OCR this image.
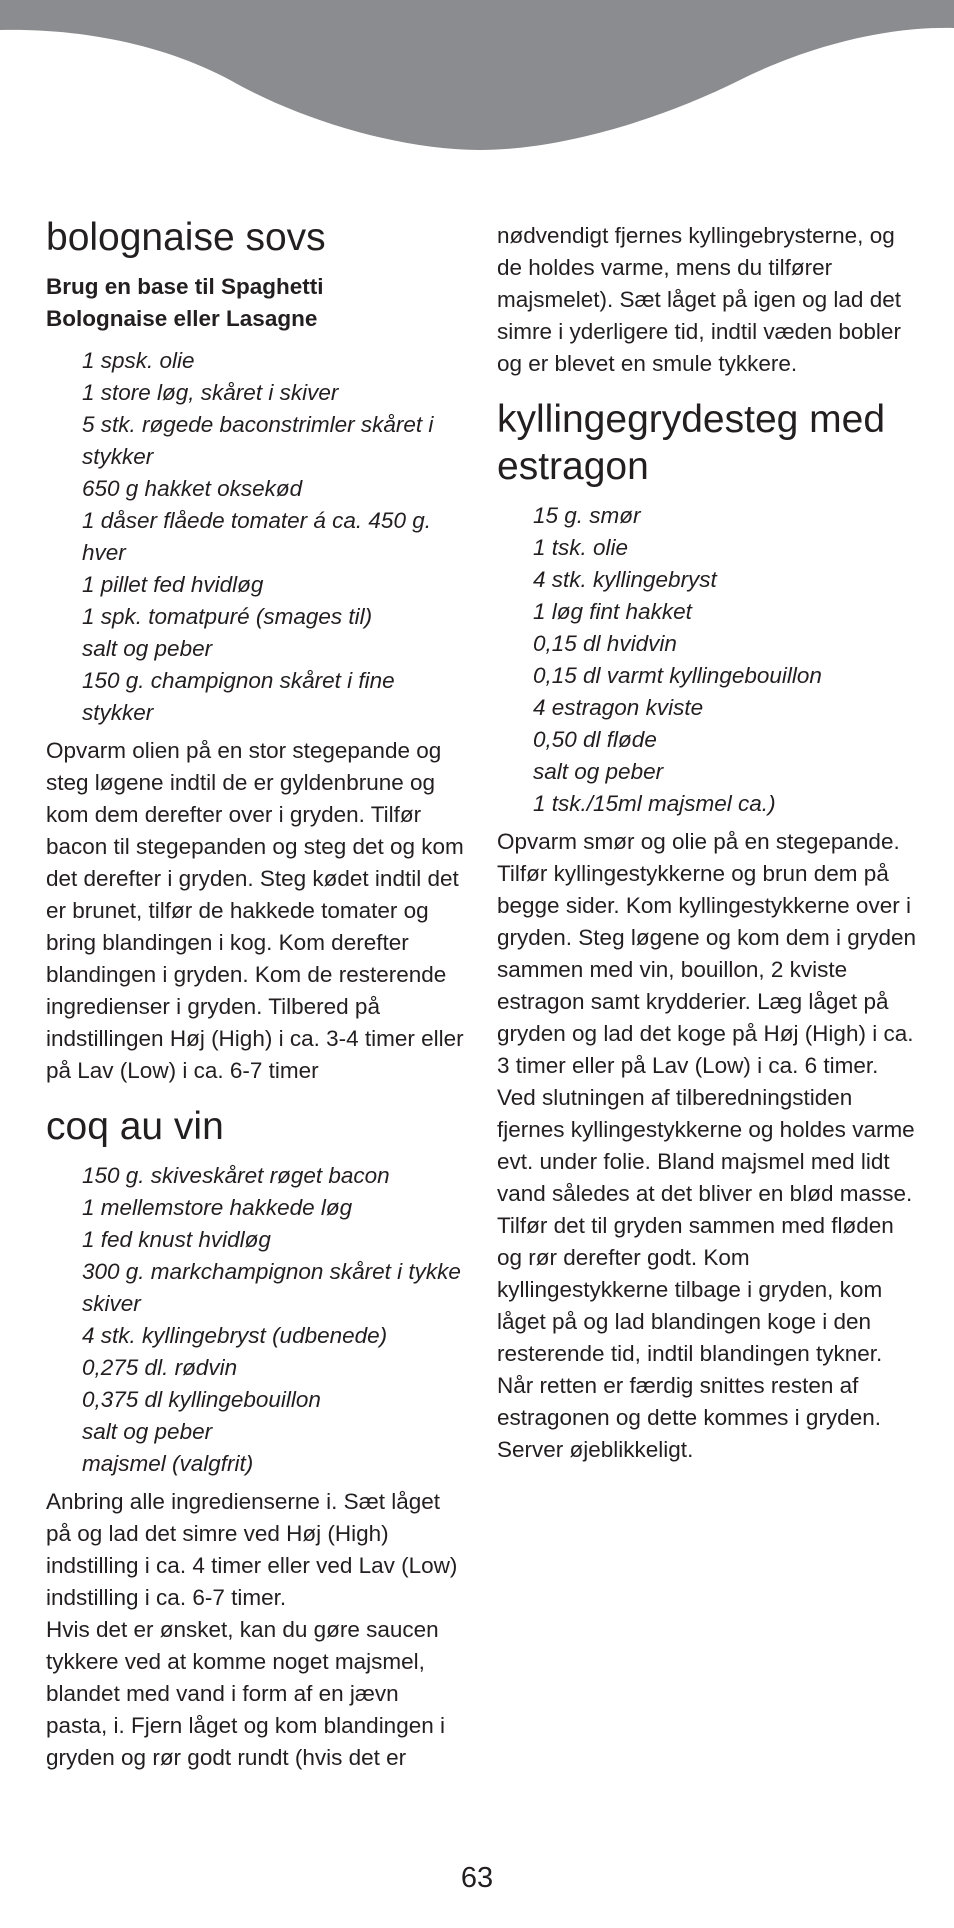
bolognaise sovs
Brug en base til Spaghetti
Bolognaise eller Lasagne
1 spsk. olie
1 store løg, skåret i skiver
5 stk. røgede baconstrimler skåret i stykker
650 g hakket oksekød
1 dåser flåede tomater á ca. 450 g. hver
1 pillet fed hvidløg
1 spk. tomatpuré (smages til)
salt og peber
150 g. champignon skåret i fine stykker

Opvarm olien på en stor stegepande og steg løgene indtil de er gyldenbrune og kom dem derefter over i gryden. Tilfør bacon til stegepanden og steg det og kom det derefter i gryden. Steg kødet indtil det er brunet, tilfør de hakkede tomater og bring blandingen i kog. Kom derefter blandingen i gryden. Kom de resterende ingredienser i gryden. Tilbered på indstillingen Høj (High) i ca. 3-4 timer eller på Lav (Low) i ca. 6-7 timer

coq au vin
150 g. skiveskåret røget bacon
1 mellemstore hakkede løg
1 fed knust hvidløg
300 g. markchampignon skåret i tykke skiver
4 stk. kyllingebryst (udbenede)
0,275 dl. rødvin
0,375 dl kyllingebouillon
salt og peber
majsmel (valgfrit)

Anbring alle ingredienserne i. Sæt låget på og lad det simre ved Høj (High) indstilling i ca. 4 timer eller ved Lav (Low) indstilling i ca. 6-7 timer.

Hvis det er ønsket, kan du gøre saucen tykkere ved at komme noget majsmel, blandet med vand i form af en jævn pasta, i. Fjern låget og kom blandingen i gryden og rør godt rundt (hvis det er

nødvendigt fjernes kyllingebrysterne, og de holdes varme, mens du tilfører majsmelet). Sæt låget på igen og lad det simre i yderligere tid, indtil væden bobler og er blevet en smule tykkere.

kyllingegrydesteg med estragon
15 g. smør
1 tsk. olie
4 stk. kyllingebryst
1 løg fint hakket
0,15 dl hvidvin
0,15 dl varmt kyllingebouillon
4 estragon kviste
0,50 dl fløde
salt og peber
1 tsk./15ml majsmel ca.)

Opvarm smør og olie på en stegepande. Tilfør kyllingestykkerne og brun dem på begge sider. Kom kyllingestykkerne over i gryden. Steg løgene og kom dem i gryden sammen med vin, bouillon, 2 kviste estragon samt krydderier. Læg låget på gryden og lad det koge på Høj (High) i ca. 3 timer eller på Lav (Low) i ca. 6 timer. Ved slutningen af tilberedningstiden fjernes kyllingestykkerne og holdes varme evt. under folie. Bland majsmel med lidt vand således at det bliver en blød masse. Tilfør det til gryden sammen med fløden og rør derefter godt. Kom kyllingestykkerne tilbage i gryden, kom låget på og lad blandingen koge i den resterende tid, indtil blandingen tykner. Når retten er færdig snittes resten af estragonen og dette kommes i gryden. Server øjeblikkeligt.

63
